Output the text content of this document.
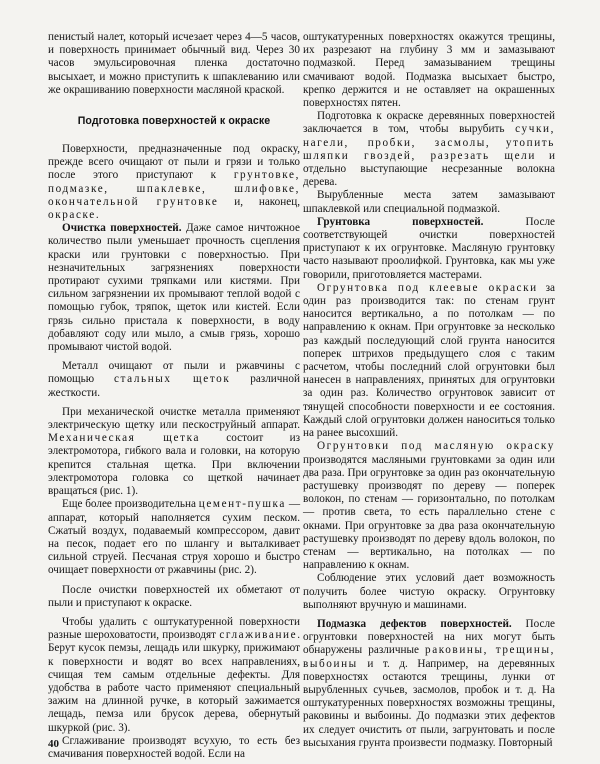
пенистый налет, который исчезает через 4—5 часов, и поверхность принимает обычный вид. Через 30 часов эмульсировочная пленка достаточно высыхает, и можно приступить к шпаклеванию или же окрашиванию поверхности масляной краской.

Подготовка поверхностей к окраске

Поверхности, предназначенные под окраску, прежде всего очищают от пыли и грязи и только после этого приступают к грунтовке, подмазке, шпаклевке, шлифовке, окончательной грунтовке и, наконец, окраске.

Очистка поверхностей. Даже самое ничтожное количество пыли уменьшает прочность сцепления краски или грунтовки с поверхностью. При незначительных загрязнениях поверхности протирают сухими тряпками или кистями. При сильном загрязнении их промывают теплой водой с помощью губок, тряпок, щеток или кистей. Если грязь сильно пристала к поверхности, в воду добавляют соду или мыло, а смыв грязь, хорошо промывают чистой водой.

Металл очищают от пыли и ржавчины с помощью стальных щеток различной жесткости.

При механической очистке металла применяют электрическую щетку или пескоструйный аппарат. Механическая щетка состоит из электромотора, гибкого вала и головки, на которую крепится стальная щетка. При включении электромотора головка со щеткой начинает вращаться (рис. 1).

Еще более производительна цемент-пушка — аппарат, который наполняется сухим песком. Сжатый воздух, подаваемый компрессором, давит на песок, подает его по шлангу и выталкивает сильной струей. Песчаная струя хорошо и быстро очищает поверхности от ржавчины (рис. 2).

После очистки поверхностей их обметают от пыли и приступают к окраске.

Чтобы удалить с оштукатуренной поверхности разные шероховатости, производят сглаживание. Берут кусок пемзы, лещадь или шкурку, прижимают к поверхности и водят во всех направлениях, счищая тем самым отдельные дефекты. Для удобства в работе часто применяют специальный зажим на длинной ручке, в который зажимается лещадь, пемза или брусок дерева, обернутый шкуркой (рис. 3).

Сглаживание производят всухую, то есть без смачивания поверхностей водой. Если на

оштукатуренных поверхностях окажутся трещины, их разрезают на глубину 3 мм и замазывают подмазкой. Перед замазыванием трещины смачивают водой. Подмазка высыхает быстро, крепко держится и не оставляет на окрашенных поверхностях пятен.

Подготовка к окраске деревянных поверхностей заключается в том, чтобы вырубить сучки, нагели, пробки, засмолы, утопить шляпки гвоздей, разрезать щели и отдельно выступающие несрезанные волокна дерева.

Вырубленные места затем замазывают шпаклевкой или специальной подмазкой.

Грунтовка поверхностей. После соответствующей очистки поверхностей приступают к их огрунтовке. Масляную грунтовку часто называют проолифкой. Грунтовка, как мы уже говорили, приготовляется мастерами.

Огрунтовка под клеевые окраски за один раз производится так: по стенам грунт наносится вертикально, а по потолкам — по направлению к окнам. При огрунтовке за несколько раз каждый последующий слой грунта наносится поперек штрихов предыдущего слоя с таким расчетом, чтобы последний слой огрунтовки был нанесен в направлениях, принятых для огрунтовки за один раз. Количество огрунтовок зависит от тянущей способности поверхности и ее состояния. Каждый слой огрунтовки должен наноситься только на ранее высохший.

Огрунтовки под масляную окраску производятся масляными грунтовками за один или два раза. При огрунтовке за один раз окончательную растушевку производят по дереву — поперек волокон, по стенам — горизонтально, по потолкам — против света, то есть параллельно стене с окнами. При огрунтовке за два раза окончательную растушевку производят по дереву вдоль волокон, по стенам — вертикально, на потолках — по направлению к окнам.

Соблюдение этих условий дает возможность получить более чистую окраску. Огрунтовку выполняют вручную и машинами.

Подмазка дефектов поверхностей. После огрунтовки поверхностей на них могут быть обнаружены различные раковины, трещины, выбоины и т. д. Например, на деревянных поверхностях остаются трещины, лунки от вырубленных сучьев, засмолов, пробок и т. д. На оштукатуренных поверхностях возможны трещины, раковины и выбоины. До подмазки этих дефектов их следует очистить от пыли, загрунтовать и после высыхания грунта произвести подмазку. Повторный

40
